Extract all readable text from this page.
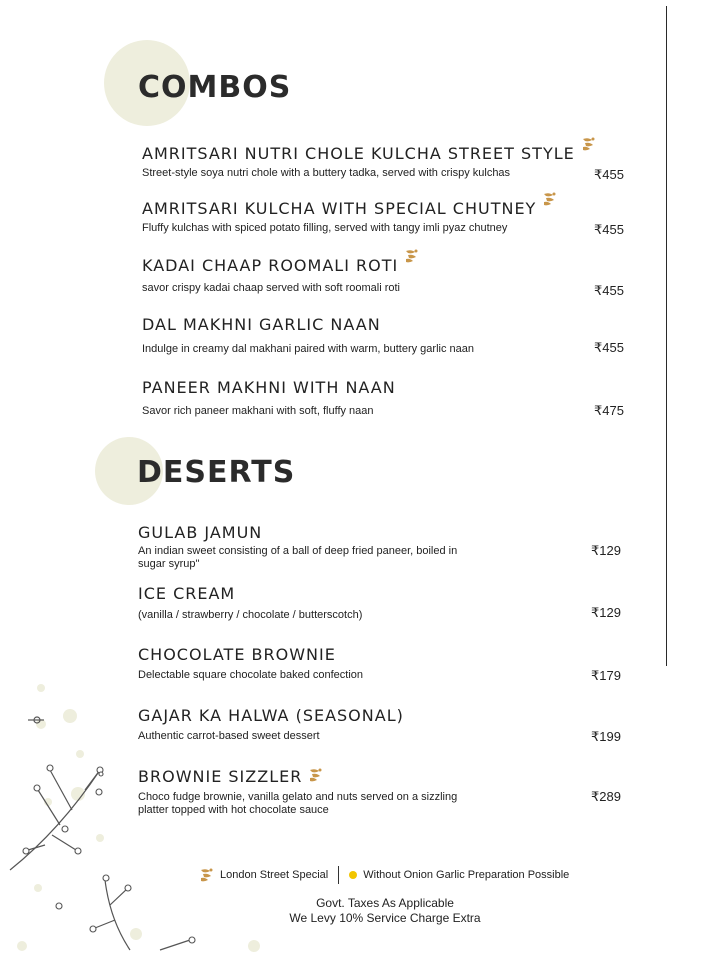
COMBOS
AMRITSARI NUTRI CHOLE KULCHA STREET STYLE
Street-style soya nutri chole with a buttery tadka, served with crispy kulchas	₹455
AMRITSARI KULCHA WITH SPECIAL CHUTNEY
Fluffy kulchas with spiced potato filling, served with tangy imli pyaz chutney	₹455
KADAI CHAAP ROOMALI ROTI
savor crispy kadai chaap served with soft roomali roti	₹455
DAL MAKHNI GARLIC NAAN
Indulge in creamy dal makhani paired with warm, buttery garlic naan	₹455
PANEER MAKHNI WITH NAAN
Savor rich paneer makhani with soft, fluffy naan	₹475
DESERTS
GULAB JAMUN
An indian sweet consisting of a ball of deep fried paneer, boiled in sugar syrup"
₹129
ICE CREAM
(vanilla / strawberry / chocolate / butterscotch)	₹129
CHOCOLATE BROWNIE
Delectable square chocolate baked confection	₹179
GAJAR KA HALWA (SEASONAL)
Authentic carrot-based sweet dessert	₹199
BROWNIE SIZZLER
Choco fudge brownie, vanilla gelato and nuts served on a sizzling platter topped with hot chocolate sauce
₹289
London Street Special	Without Onion Garlic Preparation Possible
Govt. Taxes As Applicable
We Levy 10% Service Charge Extra
